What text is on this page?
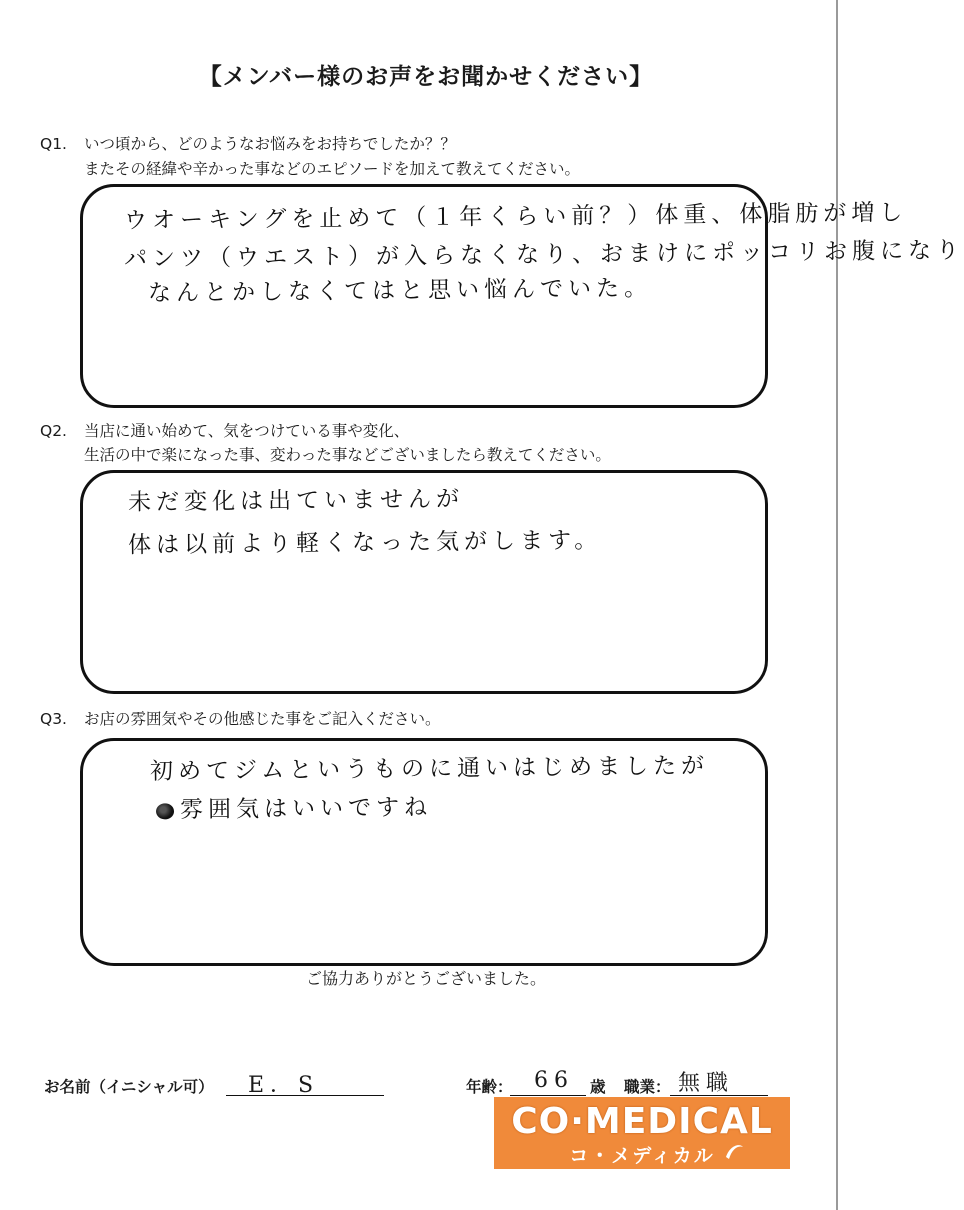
【メンバー様のお声をお聞かせください】
Q1. いつ頃から、どのようなお悩みをお持ちでしたか？？
またその経緯や辛かった事などのエピソードを加えて教えてください。
ウオーキングを止めて（１年くらい前？）体重、体脂肪が増し
パンツ（ウエスト）が入らなくなり、おまけにポッコリお腹になり
なんとかしなくてはと思い悩んでいた。
Q2. 当店に通い始めて、気をつけている事や変化、
生活の中で楽になった事、変わった事などございましたら教えてください。
未だ変化は出ていませんが
体は以前より軽くなった気がします。
Q3. お店の雰囲気やその他感じた事をご記入ください。
初めてジムというものに通いはじめましたが
雰囲気はいいですね
ご協力ありがとうございました。
お名前（イニシャル可） E．S	年齢： 66 歳 職業： 無職
CO·MEDICAL
コ・メディカル
